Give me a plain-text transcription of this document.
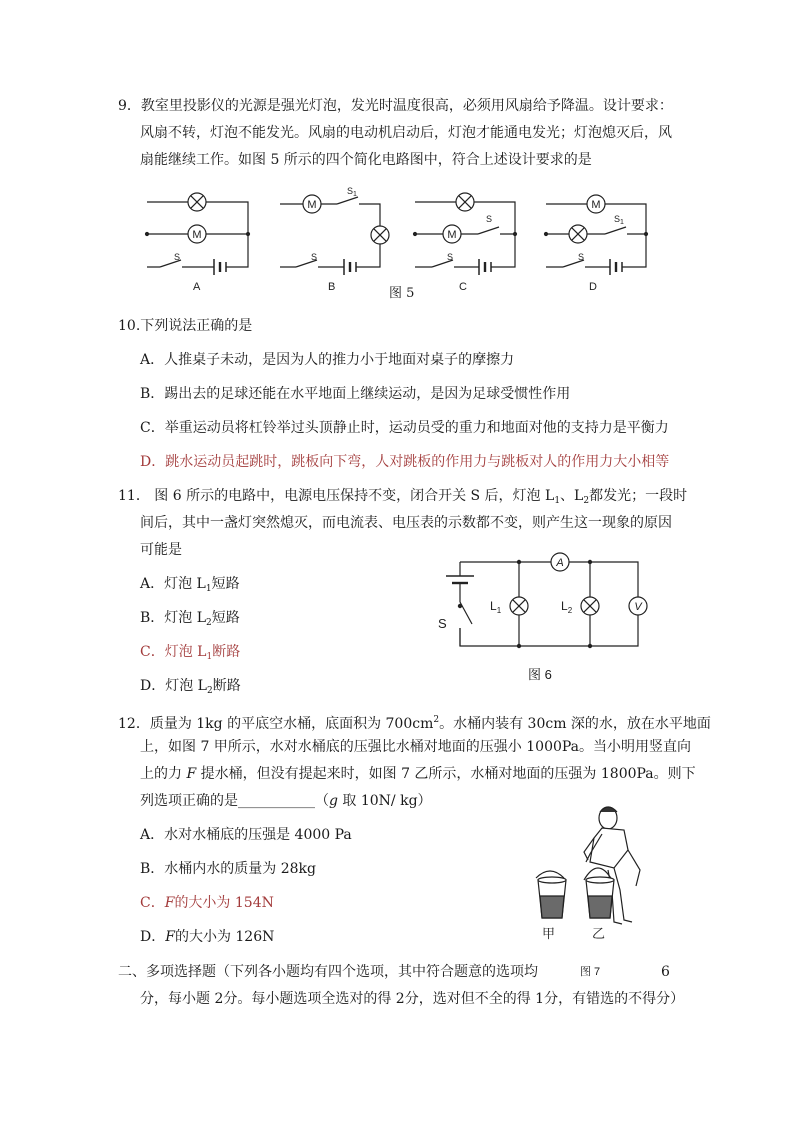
9．教室里投影仪的光源是强光灯泡，发光时温度很高，必须用风扇给予降温。设计要求：
风扇不转，灯泡不能发光。风扇的电动机启动后，灯泡才能通电发光；灯泡熄灭后，风
扇能继续工作。如图 5 所示的四个简化电路图中，符合上述设计要求的是
M
S
A
M
$S_1$
S
B
M
S
S
C
M
$S_1$
S
D
图 5
10.下列说法正确的是
A．人推桌子未动，是因为人的推力小于地面对桌子的摩擦力
B．踢出去的足球还能在水平地面上继续运动，是因为足球受惯性作用
C．举重运动员将杠铃举过头顶静止时，运动员受的重力和地面对他的支持力是平衡力
D．跳水运动员起跳时，跳板向下弯，人对跳板的作用力与跳板对人的作用力大小相等
11． 图 6 所示的电路中，电源电压保持不变，闭合开关 S 后，灯泡 $L_1$、$L_2$都发光；一段时
间后，其中一盏灯突然熄灭，而电流表、电压表的示数都不变，则产生这一现象的原因
可能是
A．灯泡 $L_1$短路
B．灯泡 $L_2$短路
C．灯泡 $L_1$断路
D．灯泡 $L_2$断路
S
A
V
$L_1$	$L_2$
图 6
12．质量为 1kg 的平底空水桶，底面积为 $700cm^2$。水桶内装有 30cm 深的水，放在水平地面
上，如图 7 甲所示，水对水桶底的压强比水桶对地面的压强小 1000Pa。当小明用竖直向
上的力 F 提水桶，但没有提起来时，如图 7 乙所示，水桶对地面的压强为 1800Pa。则下
列选项正确的是___________（g 取 10N/ kg）
A．水对水桶底的压强是 4000 Pa
B．水桶内水的质量为 28kg
C．F的大小为 154N
D．F的大小为 126N	甲	乙
二、多项选择题（下列各小题均有四个选项，其中符合题意的选项均	图 7	6
分，每小题 2分。每小题选项全选对的得 2分，选对但不全的得 1分，有错选的不得分）
